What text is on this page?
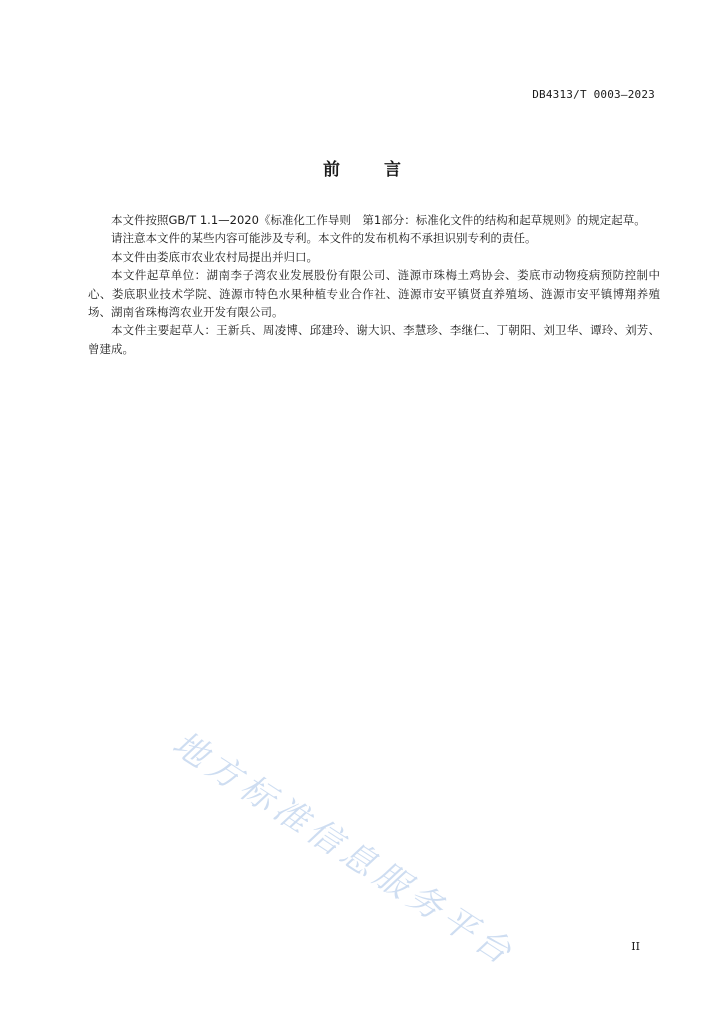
DB4313/T 0003—2023
前言

本文件按照GB/T 1.1—2020《标准化工作导则　第1部分：标准化文件的结构和起草规则》的规定起草。

请注意本文件的某些内容可能涉及专利。本文件的发布机构不承担识别专利的责任。

本文件由娄底市农业农村局提出并归口。

本文件起草单位：湖南李子湾农业发展股份有限公司、涟源市珠梅土鸡协会、娄底市动物疫病预防控制中心、娄底职业技术学院、涟源市特色水果种植专业合作社、涟源市安平镇贤直养殖场、涟源市安平镇博翔养殖场、湖南省珠梅湾农业开发有限公司。

本文件主要起草人：王新兵、周凌博、邱建玲、谢大识、李慧珍、李继仁、丁朝阳、刘卫华、谭玲、刘芳、曾建成。

地方标准信息服务平台	II
